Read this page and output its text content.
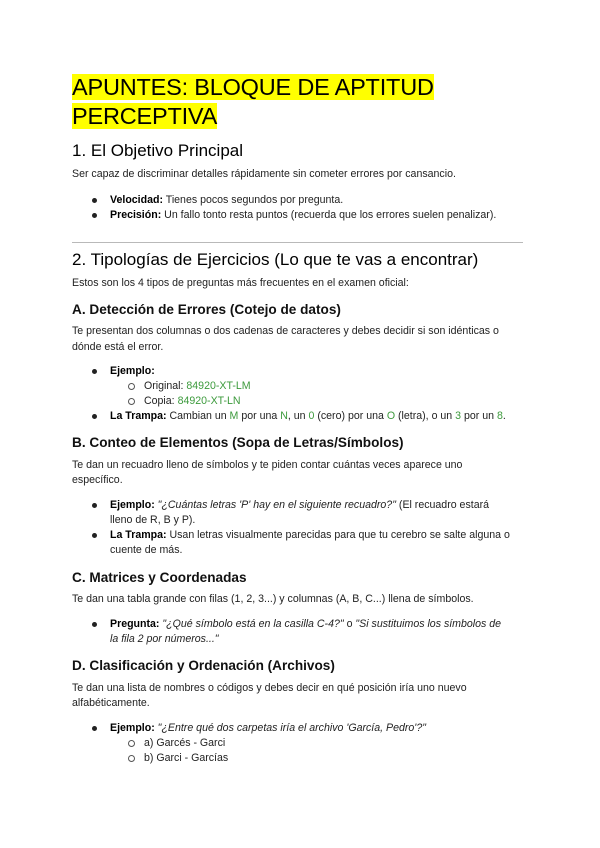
APUNTES: BLOQUE DE APTITUD
PERCEPTIVA
1. El Objetivo Principal

Ser capaz de discriminar detalles rápidamente sin cometer errores por cansancio.

Velocidad: Tienes pocos segundos por pregunta.
Precisión: Un fallo tonto resta puntos (recuerda que los errores suelen penalizar).
2. Tipologías de Ejercicios (Lo que te vas a encontrar)

Estos son los 4 tipos de preguntas más frecuentes en el examen oficial:

A. Detección de Errores (Cotejo de datos)

Te presentan dos columnas o dos cadenas de caracteres y debes decidir si son idénticas o

dónde está el error.

Ejemplo:
Original: 84920-XT-LM
Copia: 84920-XT-LN
La Trampa: Cambian un M por una N, un 0 (cero) por una O (letra), o un 3 por un 8.
B. Conteo de Elementos (Sopa de Letras/Símbolos)

Te dan un recuadro lleno de símbolos y te piden contar cuántas veces aparece uno

específico.

Ejemplo: "¿Cuántas letras 'P' hay en el siguiente recuadro?" (El recuadro estará
lleno de R, B y P).
La Trampa: Usan letras visualmente parecidas para que tu cerebro se salte alguna o
cuente de más.
C. Matrices y Coordenadas

Te dan una tabla grande con filas (1, 2, 3...) y columnas (A, B, C...) llena de símbolos.

Pregunta: "¿Qué símbolo está en la casilla C-4?" o "Si sustituimos los símbolos de
la fila 2 por números..."
D. Clasificación y Ordenación (Archivos)

Te dan una lista de nombres o códigos y debes decir en qué posición iría uno nuevo

alfabéticamente.

Ejemplo: "¿Entre qué dos carpetas iría el archivo 'García, Pedro'?"
a) Garcés - Garci
b) Garci - Garcías
